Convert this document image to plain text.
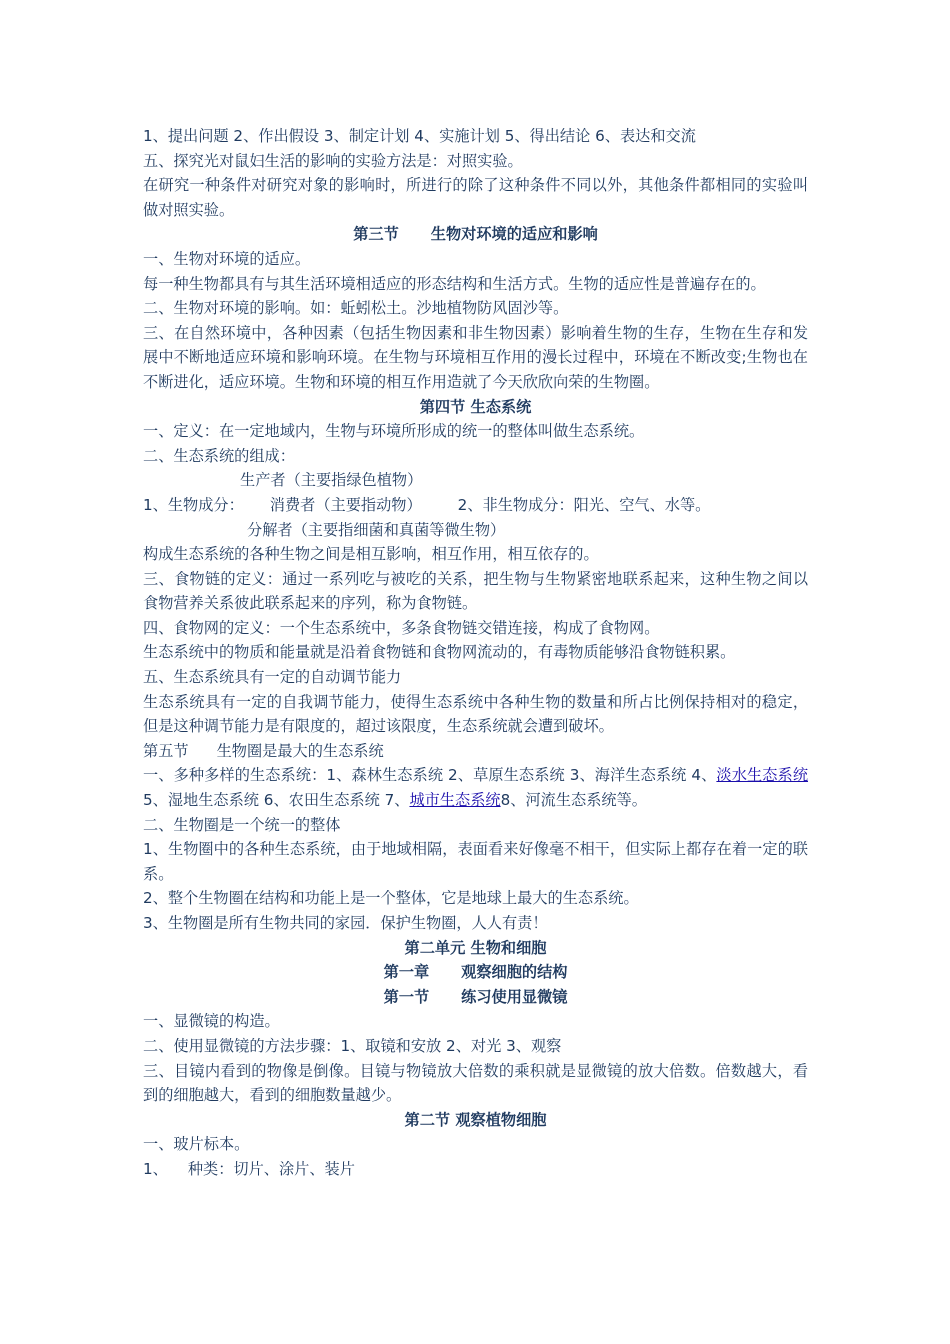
1、提出问题 2、作出假设 3、制定计划 4、实施计划 5、得出结论 6、表达和交流

五、探究光对鼠妇生活的影响的实验方法是：对照实验。

在研究一种条件对研究对象的影响时，所进行的除了这种条件不同以外，其他条件都相同的实验叫做对照实验。

第三节 生物对环境的适应和影响

一、生物对环境的适应。

每一种生物都具有与其生活环境相适应的形态结构和生活方式。生物的适应性是普遍存在的。

二、生物对环境的影响。如：蚯蚓松土。沙地植物防风固沙等。

三、在自然环境中，各种因素（包括生物因素和非生物因素）影响着生物的生存，生物在生存和发展中不断地适应环境和影响环境。在生物与环境相互作用的漫长过程中，环境在不断改变;生物也在不断进化，适应环境。生物和环境的相互作用造就了今天欣欣向荣的生物圈。

第四节 生态系统

一、定义：在一定地域内，生物与环境所形成的统一的整体叫做生态系统。

二、生态系统的组成：

生产者（主要指绿色植物）

1、生物成分： 消费者（主要指动物） 2、非生物成分：阳光、空气、水等。

分解者（主要指细菌和真菌等微生物）

构成生态系统的各种生物之间是相互影响，相互作用，相互依存的。

三、食物链的定义：通过一系列吃与被吃的关系，把生物与生物紧密地联系起来，这种生物之间以食物营养关系彼此联系起来的序列，称为食物链。

四、食物网的定义：一个生态系统中，多条食物链交错连接，构成了食物网。

生态系统中的物质和能量就是沿着食物链和食物网流动的，有毒物质能够沿食物链积累。

五、生态系统具有一定的自动调节能力

生态系统具有一定的自我调节能力，使得生态系统中各种生物的数量和所占比例保持相对的稳定，但是这种调节能力是有限度的，超过该限度，生态系统就会遭到破坏。

第五节 生物圈是最大的生态系统

一、多种多样的生态系统：1、森林生态系统 2、草原生态系统 3、海洋生态系统 4、淡水生态系统5、湿地生态系统 6、农田生态系统 7、城市生态系统8、河流生态系统等。

二、生物圈是一个统一的整体

1、生物圈中的各种生态系统，由于地域相隔，表面看来好像毫不相干，但实际上都存在着一定的联系。

2、整个生物圈在结构和功能上是一个整体，它是地球上最大的生态系统。

3、生物圈是所有生物共同的家园．保护生物圈，人人有责！

第二单元 生物和细胞

第一章 观察细胞的结构

第一节 练习使用显微镜

一、显微镜的构造。

二、使用显微镜的方法步骤：1、取镜和安放 2、对光 3、观察

三、目镜内看到的物像是倒像。目镜与物镜放大倍数的乘积就是显微镜的放大倍数。倍数越大，看到的细胞越大，看到的细胞数量越少。

第二节 观察植物细胞

一、玻片标本。

1、 种类：切片、涂片、装片
